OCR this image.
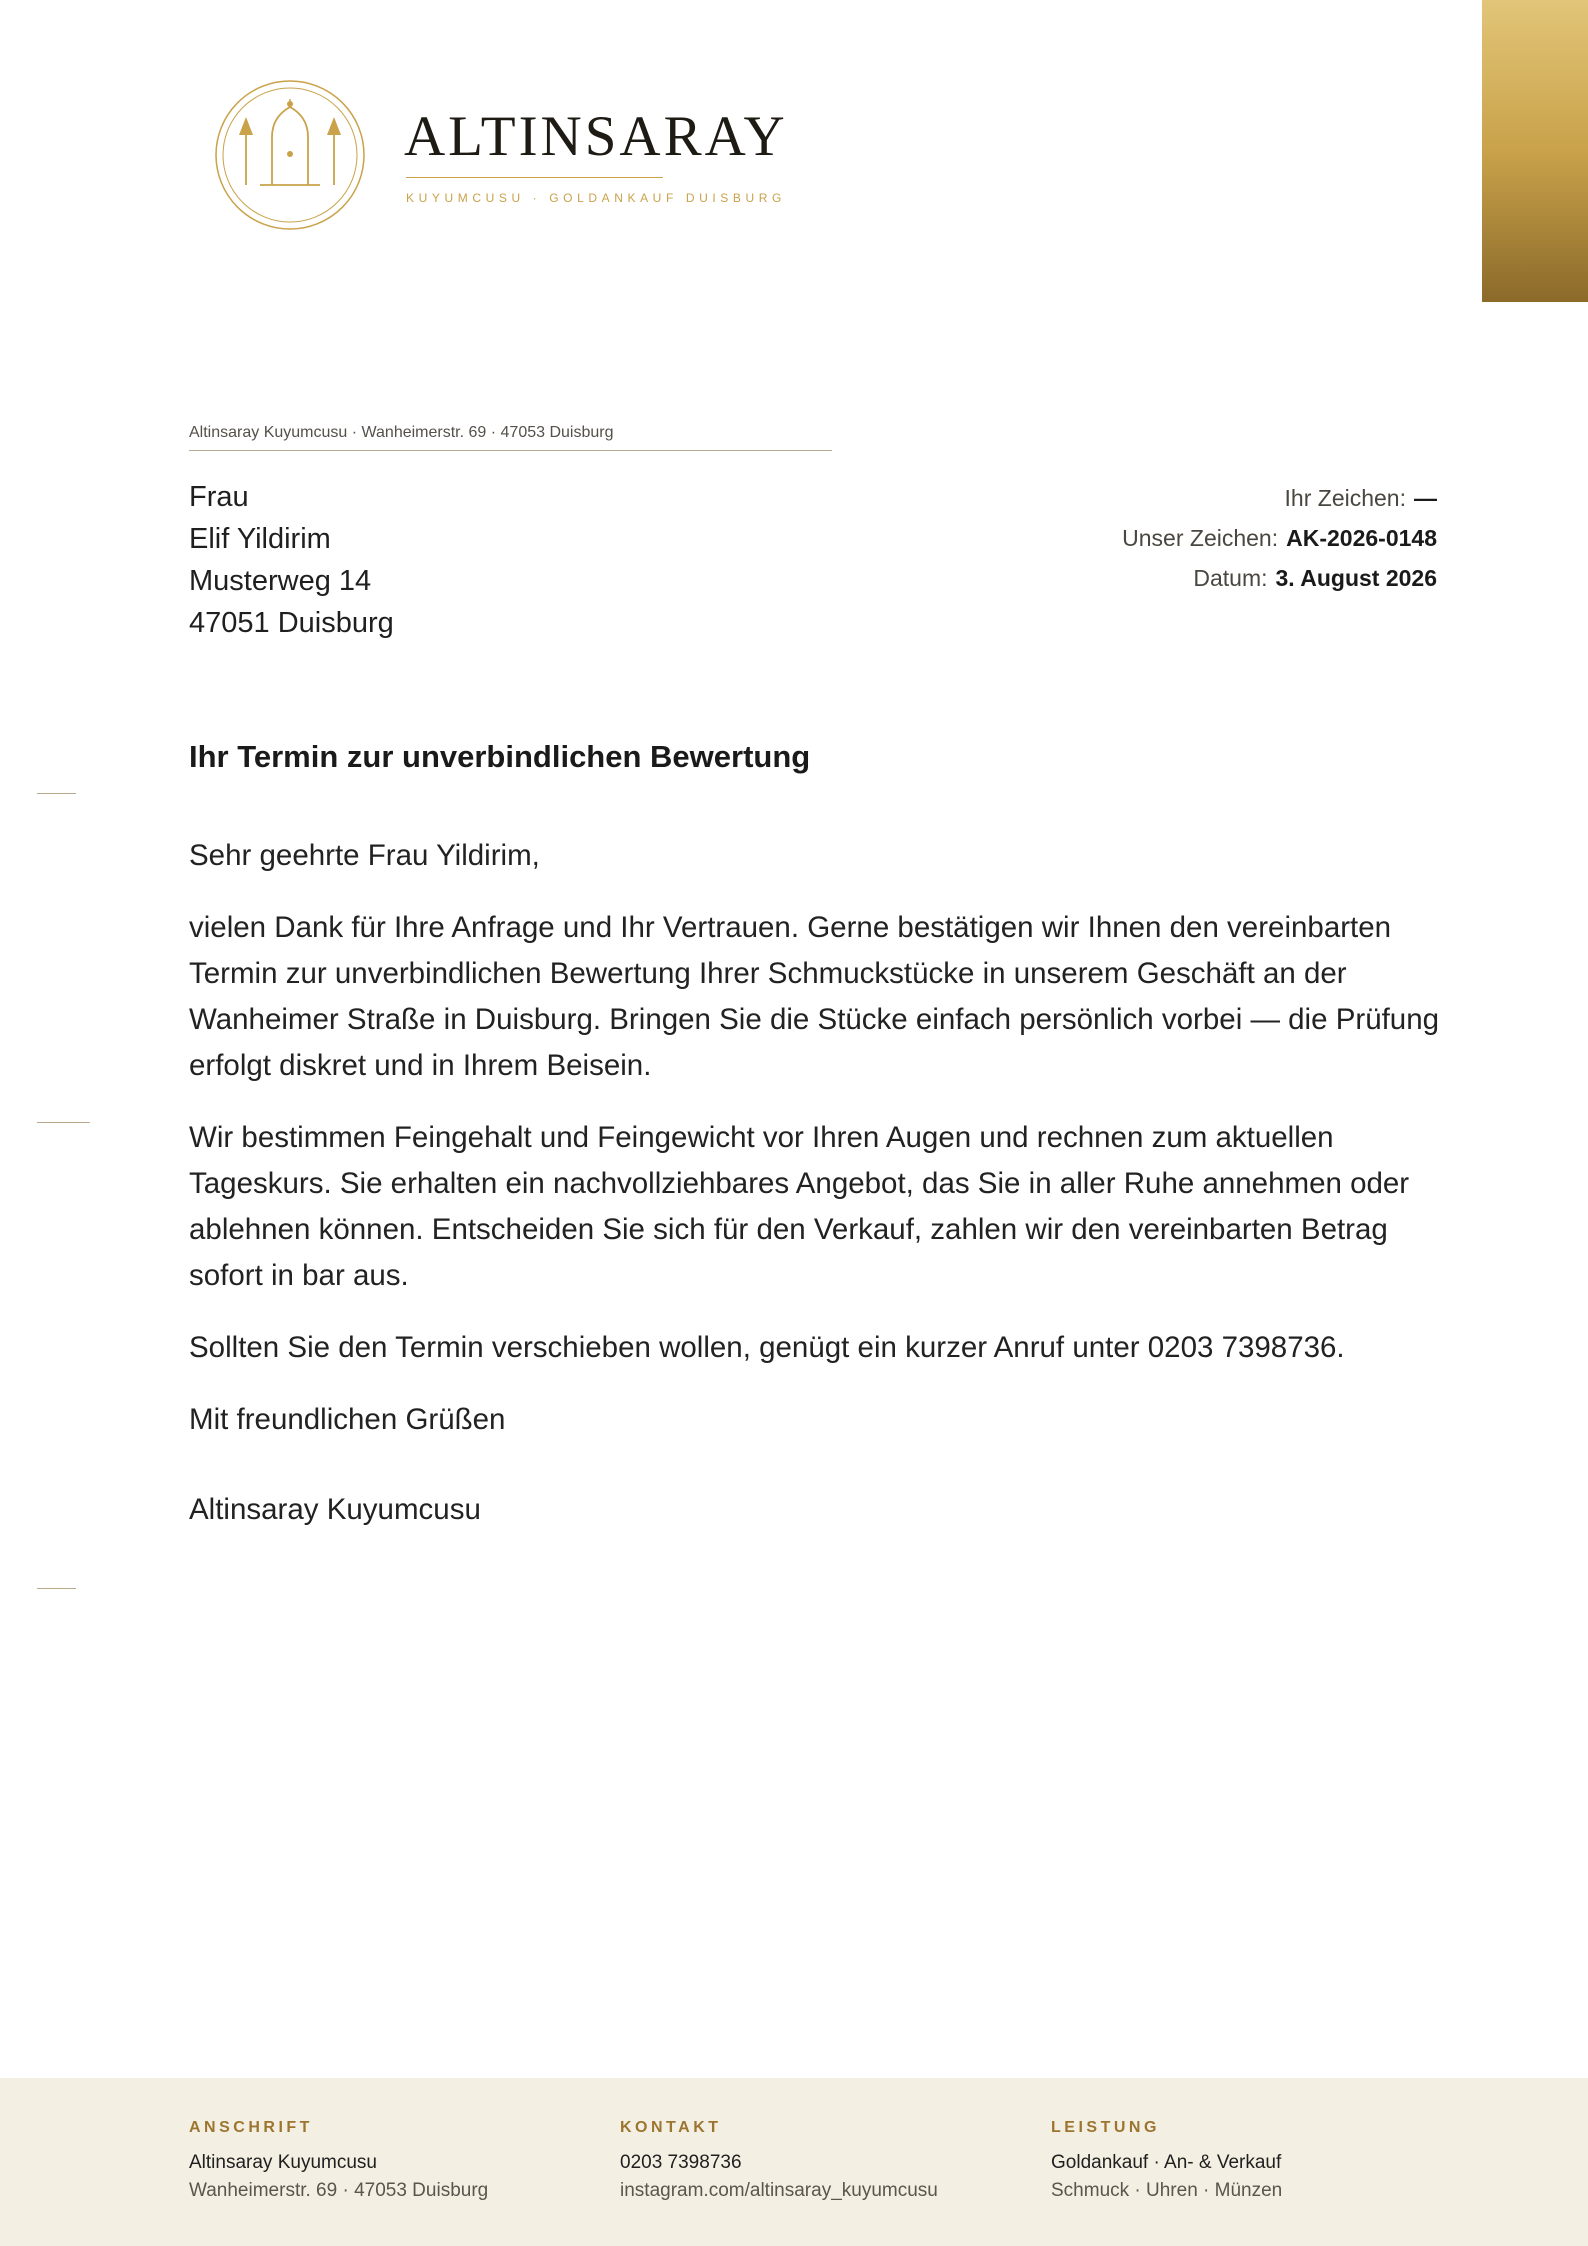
ALTINSARAY
KUYUMCUSU · GOLDANKAUF DUISBURG
Altinsaray Kuyumcusu · Wanheimerstr. 69 · 47053 Duisburg
Frau
Elif Yildirim
Musterweg 14
47051 Duisburg
Ihr Zeichen: —
Unser Zeichen: AK-2026-0148
Datum: 3. August 2026
Ihr Termin zur unverbindlichen Bewertung

Sehr geehrte Frau Yildirim,

vielen Dank für Ihre Anfrage und Ihr Vertrauen. Gerne bestätigen wir Ihnen den vereinbarten Termin zur unverbindlichen Bewertung Ihrer Schmuckstücke in unserem Geschäft an der Wanheimer Straße in Duisburg. Bringen Sie die Stücke einfach persönlich vorbei — die Prüfung erfolgt diskret und in Ihrem Beisein.

Wir bestimmen Feingehalt und Feingewicht vor Ihren Augen und rechnen zum aktuellen Tageskurs. Sie erhalten ein nachvollziehbares Angebot, das Sie in aller Ruhe annehmen oder ablehnen können. Entscheiden Sie sich für den Verkauf, zahlen wir den vereinbarten Betrag sofort in bar aus.

Sollten Sie den Termin verschieben wollen, genügt ein kurzer Anruf unter 0203 7398736.

Mit freundlichen Grüßen

Altinsaray Kuyumcusu

ANSCHRIFT
Altinsaray Kuyumcusu
Wanheimerstr. 69 · 47053 Duisburg
KONTAKT
0203 7398736
instagram.com/altinsaray_kuyumcusu
LEISTUNG
Goldankauf · An- & Verkauf
Schmuck · Uhren · Münzen
